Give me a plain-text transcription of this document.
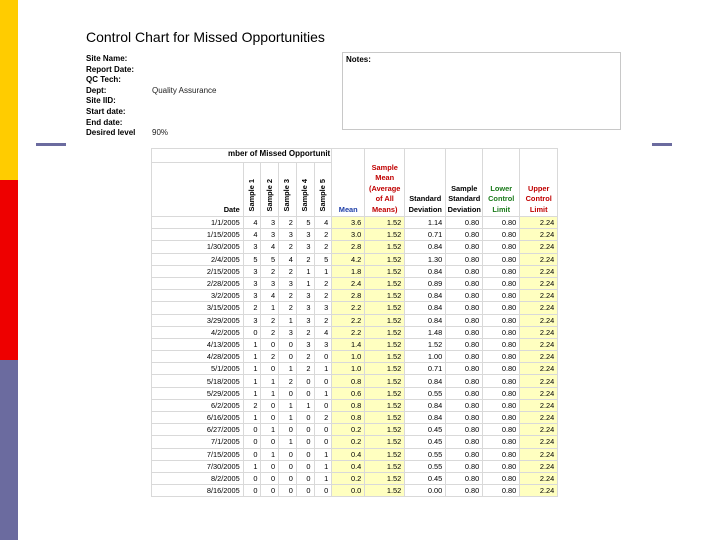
Control Chart for Missed Opportunities
Site Name:
Report Date:
QC Tech:
Dept:	Quality Assurance
Site IID:
Start date:
End date:
Desired level	90%
Notes:
mber of Missed Opportunit						Mean	Sample Mean (Average of All Means)	Standard Deviation	Sample Standard Deviation	Lower Control Limit	Upper Control Limit
Date	Sample 1	Sample 2	Sample 3	Sample 4	Sample 5						
1/1/2005	4	3	2	5	4	3.6	1.52	1.14	0.80	0.80	2.24
1/15/2005	4	3	3	3	2	3.0	1.52	0.71	0.80	0.80	2.24
1/30/2005	3	4	2	3	2	2.8	1.52	0.84	0.80	0.80	2.24
2/4/2005	5	5	4	2	5	4.2	1.52	1.30	0.80	0.80	2.24
2/15/2005	3	2	2	1	1	1.8	1.52	0.84	0.80	0.80	2.24
2/28/2005	3	3	3	1	2	2.4	1.52	0.89	0.80	0.80	2.24
3/2/2005	3	4	2	3	2	2.8	1.52	0.84	0.80	0.80	2.24
3/15/2005	2	1	2	3	3	2.2	1.52	0.84	0.80	0.80	2.24
3/29/2005	3	2	1	3	2	2.2	1.52	0.84	0.80	0.80	2.24
4/2/2005	0	2	3	2	4	2.2	1.52	1.48	0.80	0.80	2.24
4/13/2005	1	0	0	3	3	1.4	1.52	1.52	0.80	0.80	2.24
4/28/2005	1	2	0	2	0	1.0	1.52	1.00	0.80	0.80	2.24
5/1/2005	1	0	1	2	1	1.0	1.52	0.71	0.80	0.80	2.24
5/18/2005	1	1	2	0	0	0.8	1.52	0.84	0.80	0.80	2.24
5/29/2005	1	1	0	0	1	0.6	1.52	0.55	0.80	0.80	2.24
6/2/2005	2	0	1	1	0	0.8	1.52	0.84	0.80	0.80	2.24
6/16/2005	1	0	1	0	2	0.8	1.52	0.84	0.80	0.80	2.24
6/27/2005	0	1	0	0	0	0.2	1.52	0.45	0.80	0.80	2.24
7/1/2005	0	0	1	0	0	0.2	1.52	0.45	0.80	0.80	2.24
7/15/2005	0	1	0	0	1	0.4	1.52	0.55	0.80	0.80	2.24
7/30/2005	1	0	0	0	1	0.4	1.52	0.55	0.80	0.80	2.24
8/2/2005	0	0	0	0	1	0.2	1.52	0.45	0.80	0.80	2.24
8/16/2005	0	0	0	0	0	0.0	1.52	0.00	0.80	0.80	2.24
